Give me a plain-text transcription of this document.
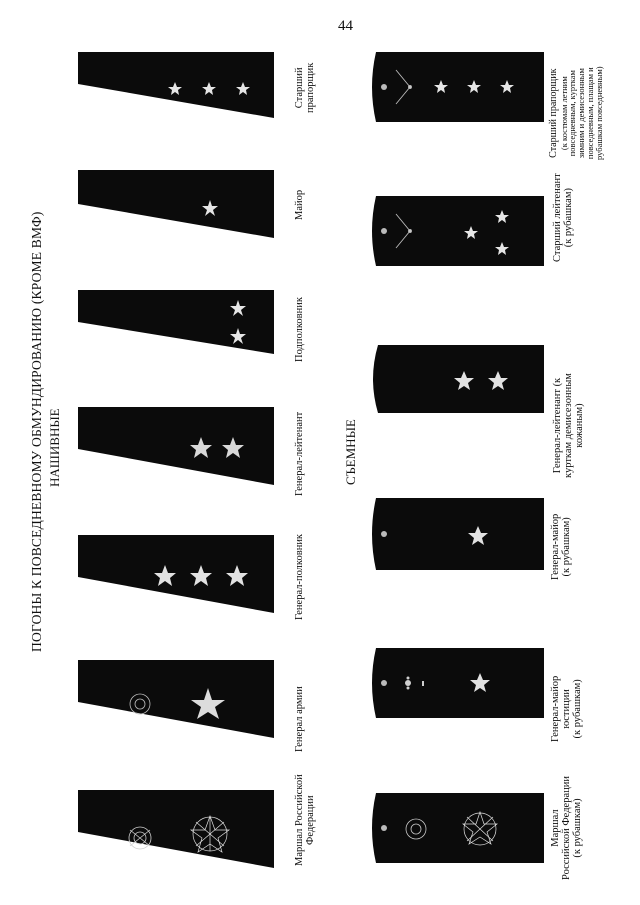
44
ПОГОНЫ К ПОВСЕДНЕВНОМУ ОБМУНДИРОВАНИЮ (КРОМЕ ВМФ) НАШИВНЫЕ	СЪЕМНЫЕ
Маршал Российской Федерации
Генерал армии
Генерал-полковник
Генерал-лейтенант
Подполковник
Майор
Старший прапорщик
Маршал Российской Федерации (к рубашкам)
Генерал-майор юстиции (к рубашкам)
Генерал-майор (к рубашкам)
Генерал-лейтенант (к курткам демисезонным кожаным)
Старший лейтенант (к рубашкам)
Старший прапорщик (к костюмам летним
повседневным, курткам
зимним и демисезонным
повседневным, плащам и
рубашкам повседневным)
